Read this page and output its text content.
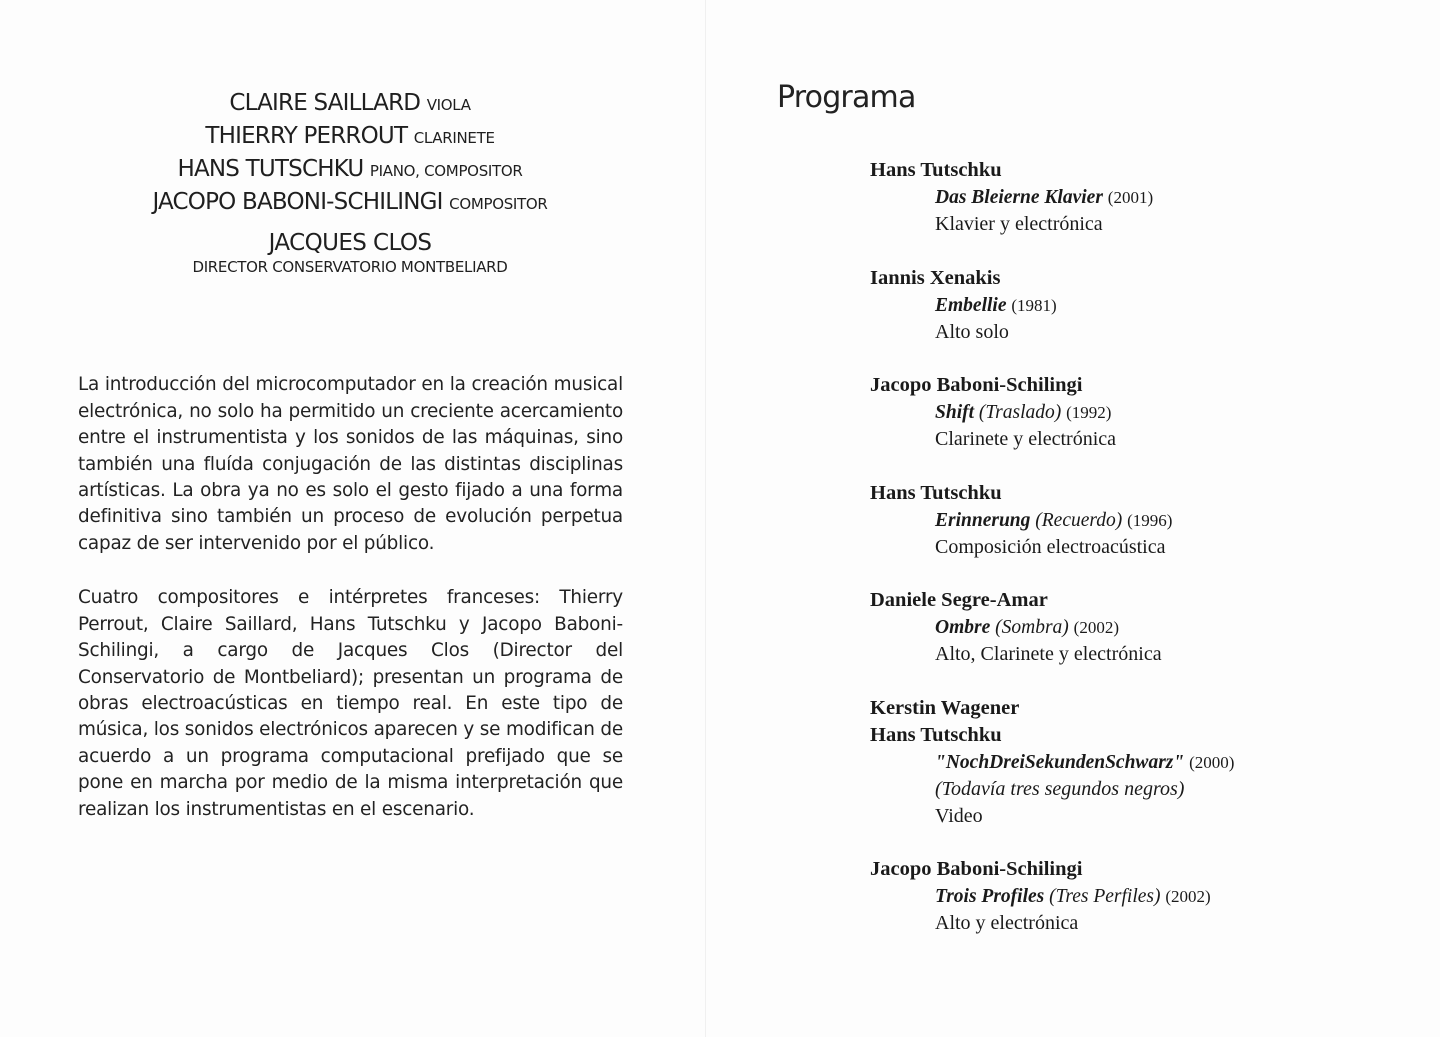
CLAIRE SAILLARD VIOLA
THIERRY PERROUT CLARINETE
HANS TUTSCHKU PIANO, COMPOSITOR
JACOPO BABONI-SCHILINGI COMPOSITOR
JACQUES CLOS
DIRECTOR CONSERVATORIO MONTBELIARD

La introducción del microcomputador en la creación musical electrónica, no solo ha permitido un creciente acercamiento entre el instrumentista y los sonidos de las máquinas, sino también una fluída conjugación de las distintas disciplinas artísticas. La obra ya no es solo el gesto fijado a una forma definitiva sino también un proceso de evolución perpetua capaz de ser intervenido por el público.

Cuatro compositores e intérpretes franceses: Thierry Perrout, Claire Saillard, Hans Tutschku y Jacopo Baboni-Schilingi, a cargo de Jacques Clos (Director del Conservatorio de Montbeliard); presentan un programa de obras electroacústicas en tiempo real. En este tipo de música, los sonidos electrónicos aparecen y se modifican de acuerdo a un programa computacional prefijado que se pone en marcha por medio de la misma interpretación que realizan los instrumentistas en el escenario.

Programa
Hans Tutschku
Das Bleierne Klavier (2001)
Klavier y electrónica
Iannis Xenakis
Embellie (1981)
Alto solo
Jacopo Baboni-Schilingi
Shift (Traslado) (1992)
Clarinete y electrónica
Hans Tutschku
Erinnerung (Recuerdo) (1996)
Composición electroacústica
Daniele Segre-Amar
Ombre (Sombra) (2002)
Alto, Clarinete y electrónica
Kerstin Wagener
Hans Tutschku
"NochDreiSekundenSchwarz" (2000)
(Todavía tres segundos negros)
Video
Jacopo Baboni-Schilingi
Trois Profiles (Tres Perfiles) (2002)
Alto y electrónica
